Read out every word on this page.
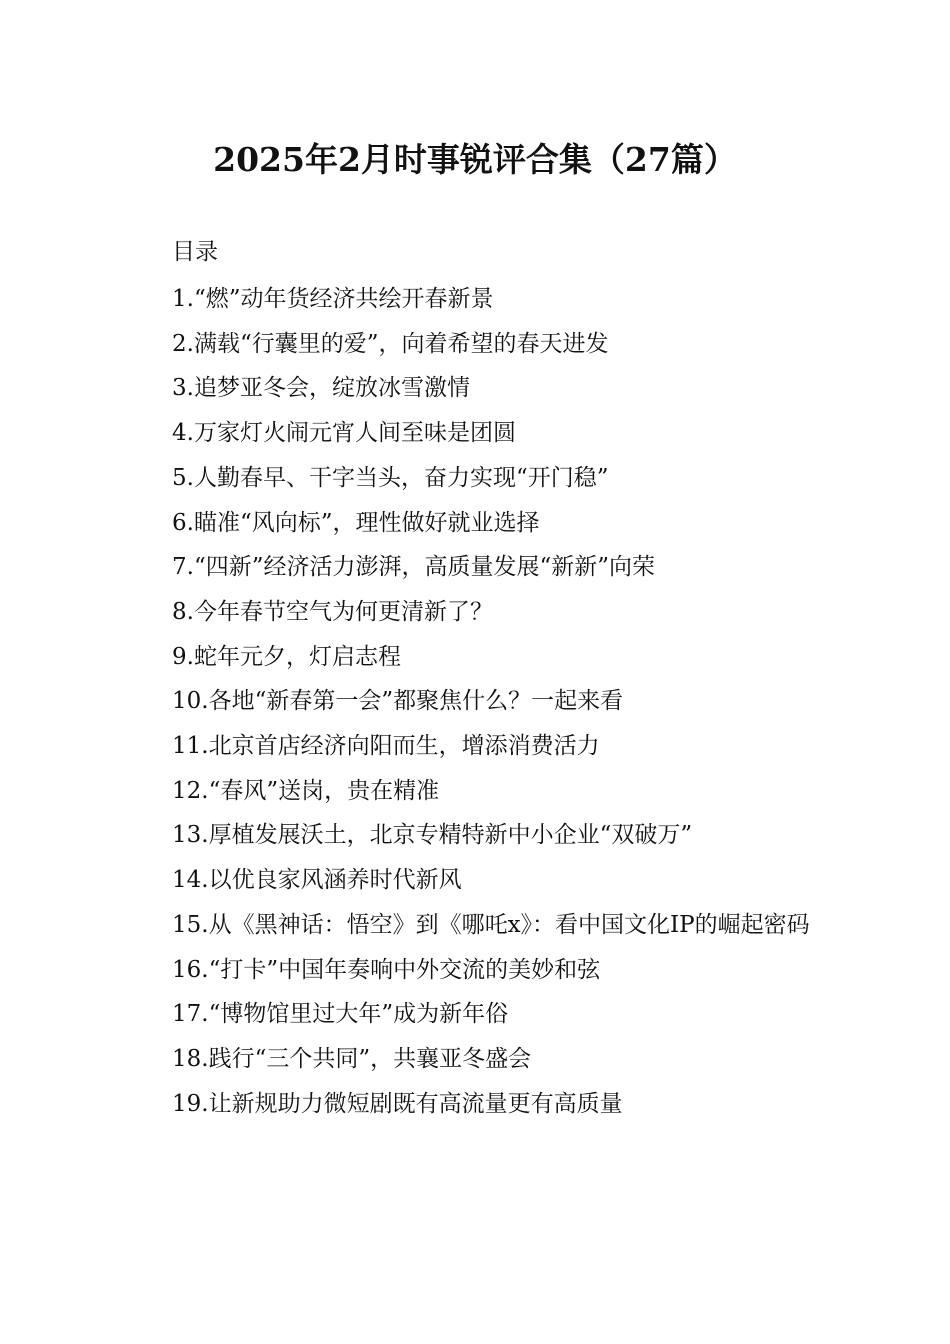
2025年2月时事锐评合集（27篇）
目录
1.“燃”动年货经济共绘开春新景
2.满载“行囊里的爱”，向着希望的春天进发
3.追梦亚冬会，绽放冰雪激情
4.万家灯火闹元宵人间至味是团圆
5.人勤春早、干字当头，奋力实现“开门稳”
6.瞄准“风向标”，理性做好就业选择
7.“四新”经济活力澎湃，高质量发展“新新”向荣
8.今年春节空气为何更清新了？
9.蛇年元夕，灯启志程
10.各地“新春第一会”都聚焦什么？一起来看
11.北京首店经济向阳而生，增添消费活力
12.“春风”送岗，贵在精准
13.厚植发展沃土，北京专精特新中小企业“双破万”
14.以优良家风涵养时代新风
15.从《黑神话：悟空》到《哪吒x》：看中国文化IP的崛起密码
16.“打卡”中国年奏响中外交流的美妙和弦
17.“博物馆里过大年”成为新年俗
18.践行“三个共同”，共襄亚冬盛会
19.让新规助力微短剧既有高流量更有高质量
